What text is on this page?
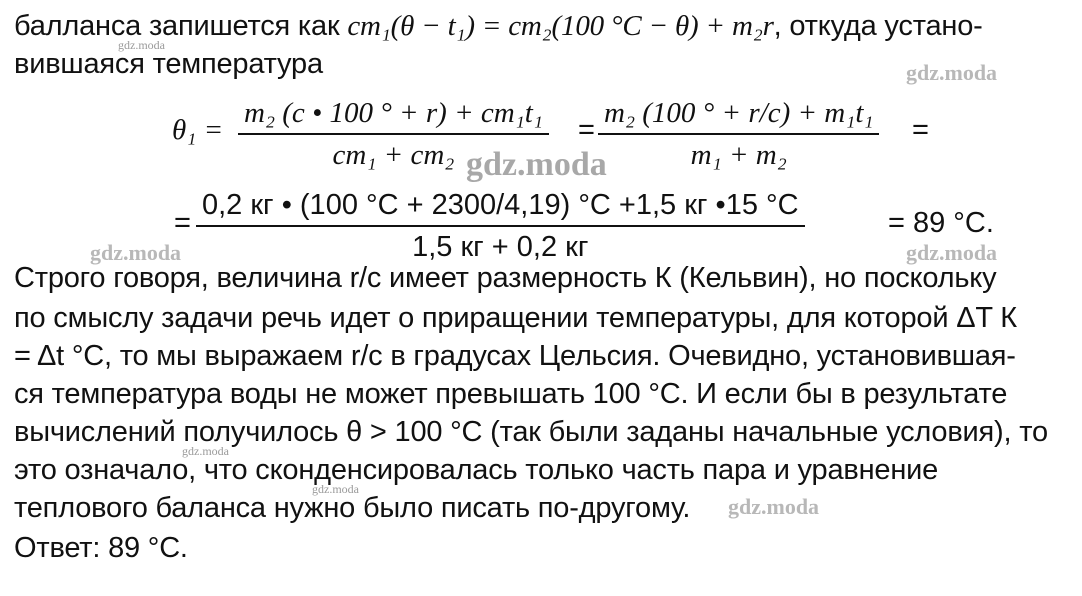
балланса запишется как cm₁(θ − t₁) = cm₂(100 °C − θ) + m₂r, откуда устано-
вившаяся температура
$\theta_1 = \frac{\text{m₂ (c • 100 ° + r) + cm₁t₁}}{\text{cm₁ + cm₂}} = \frac{\text{m₂ (100 ° + r/c) + m₁t₁}}{\text{m₁ + m₂}}$ =
=
0,2 кг • (100 °C + 2300/4,19) °C +1,5 кг •15 °C
1,5 кг + 0,2 кг
= 89 °C.
Строго говоря, величина r/c имеет размерность К (Кельвин), но поскольку
по смыслу задачи речь идет о приращении температуры, для которой ΔT К
= Δt °C, то мы выражаем r/c в градусах Цельсия. Очевидно, установившая-
ся температура воды не может превышать 100 °C. И если бы в результате
вычислений получилось θ > 100 °C (так были заданы начальные условия), то
это означало, что сконденсировалась только часть пара и уравнение
теплового баланса нужно было писать по-другому.
Ответ: 89 °C.
gdz.moda
gdz.moda
gdz.moda
gdz.moda	gdz.moda
gdz.moda
gdz.moda
gdz.moda
